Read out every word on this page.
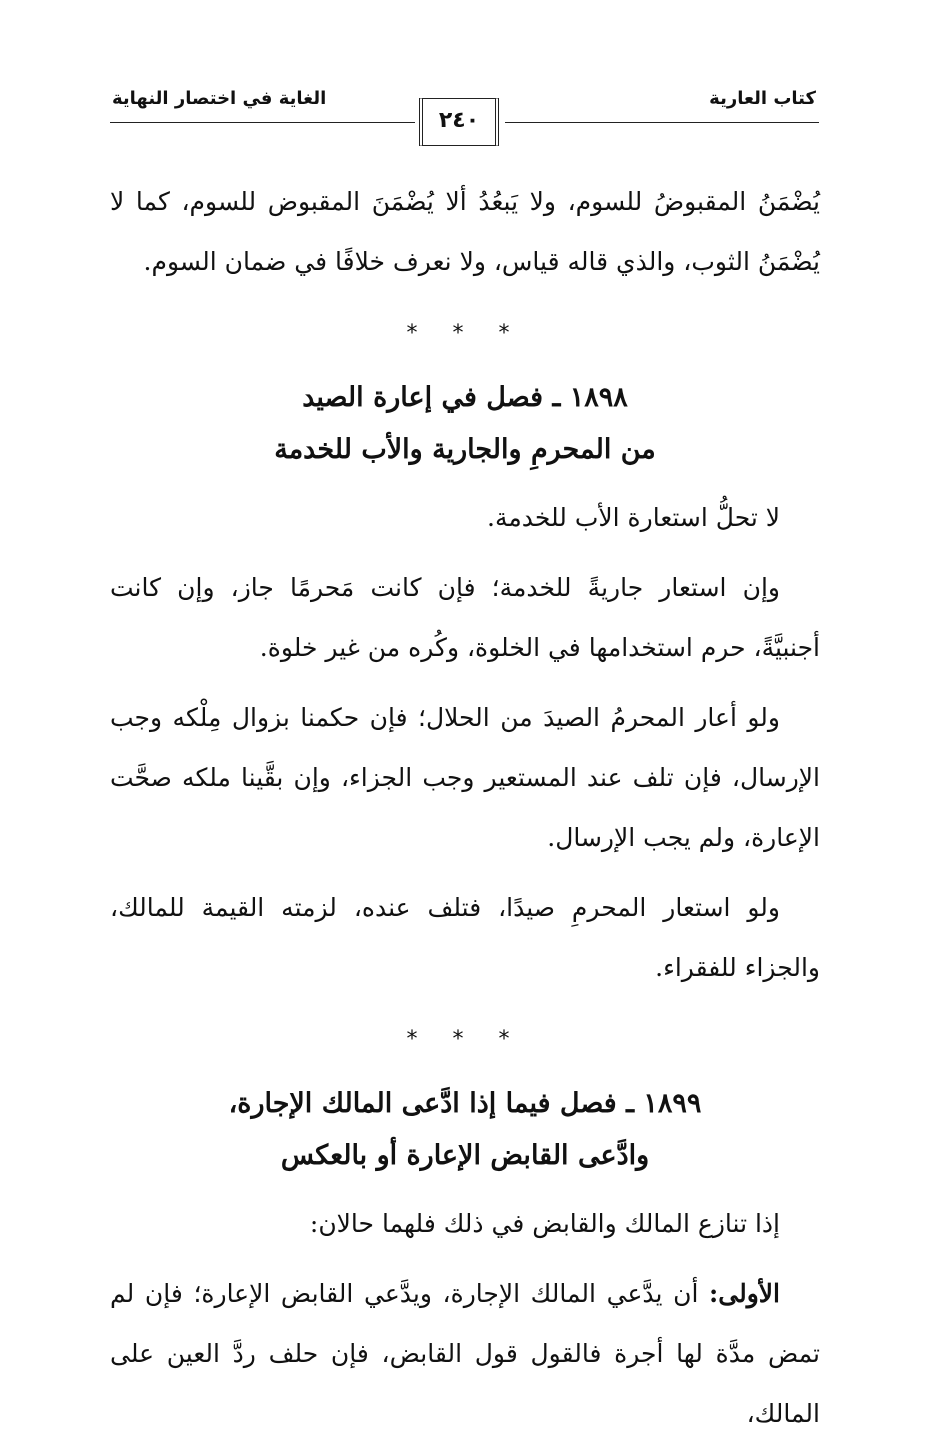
كتاب العارية
الغاية في اختصار النهاية
٢٤٠

يُضْمَنُ المقبوضُ للسوم، ولا يَبعُدُ ألا يُضْمَنَ المقبوض للسوم، كما لا يُضْمَنُ الثوب، والذي قاله قياس، ولا نعرف خلافًا في ضمان السوم.

* * *

١٨٩٨ ـ فصل في إعارة الصيد

من المحرمِ والجارية والأب للخدمة

لا تحلُّ استعارة الأب للخدمة.

وإن استعار جاريةً للخدمة؛ فإن كانت مَحرمًا جاز، وإن كانت أجنبيَّةً، حرم استخدامها في الخلوة، وكُره من غير خلوة.

ولو أعار المحرمُ الصيدَ من الحلال؛ فإن حكمنا بزوال مِلْكه وجب الإرسال، فإن تلف عند المستعير وجب الجزاء، وإن بقَّينا ملكه صحَّت الإعارة، ولم يجب الإرسال.

ولو استعار المحرمِ صيدًا، فتلف عنده، لزمته القيمة للمالك، والجزاء للفقراء.

* * *

١٨٩٩ ـ فصل فيما إذا ادَّعى المالك الإجارة،

وادَّعى القابض الإعارة أو بالعكس

إذا تنازع المالك والقابض في ذلك فلهما حالان:

الأولى: أن يدَّعي المالك الإجارة، ويدَّعي القابض الإعارة؛ فإن لم تمض مدَّة لها أجرة فالقول قول القابض، فإن حلف ردَّ العين على المالك،
